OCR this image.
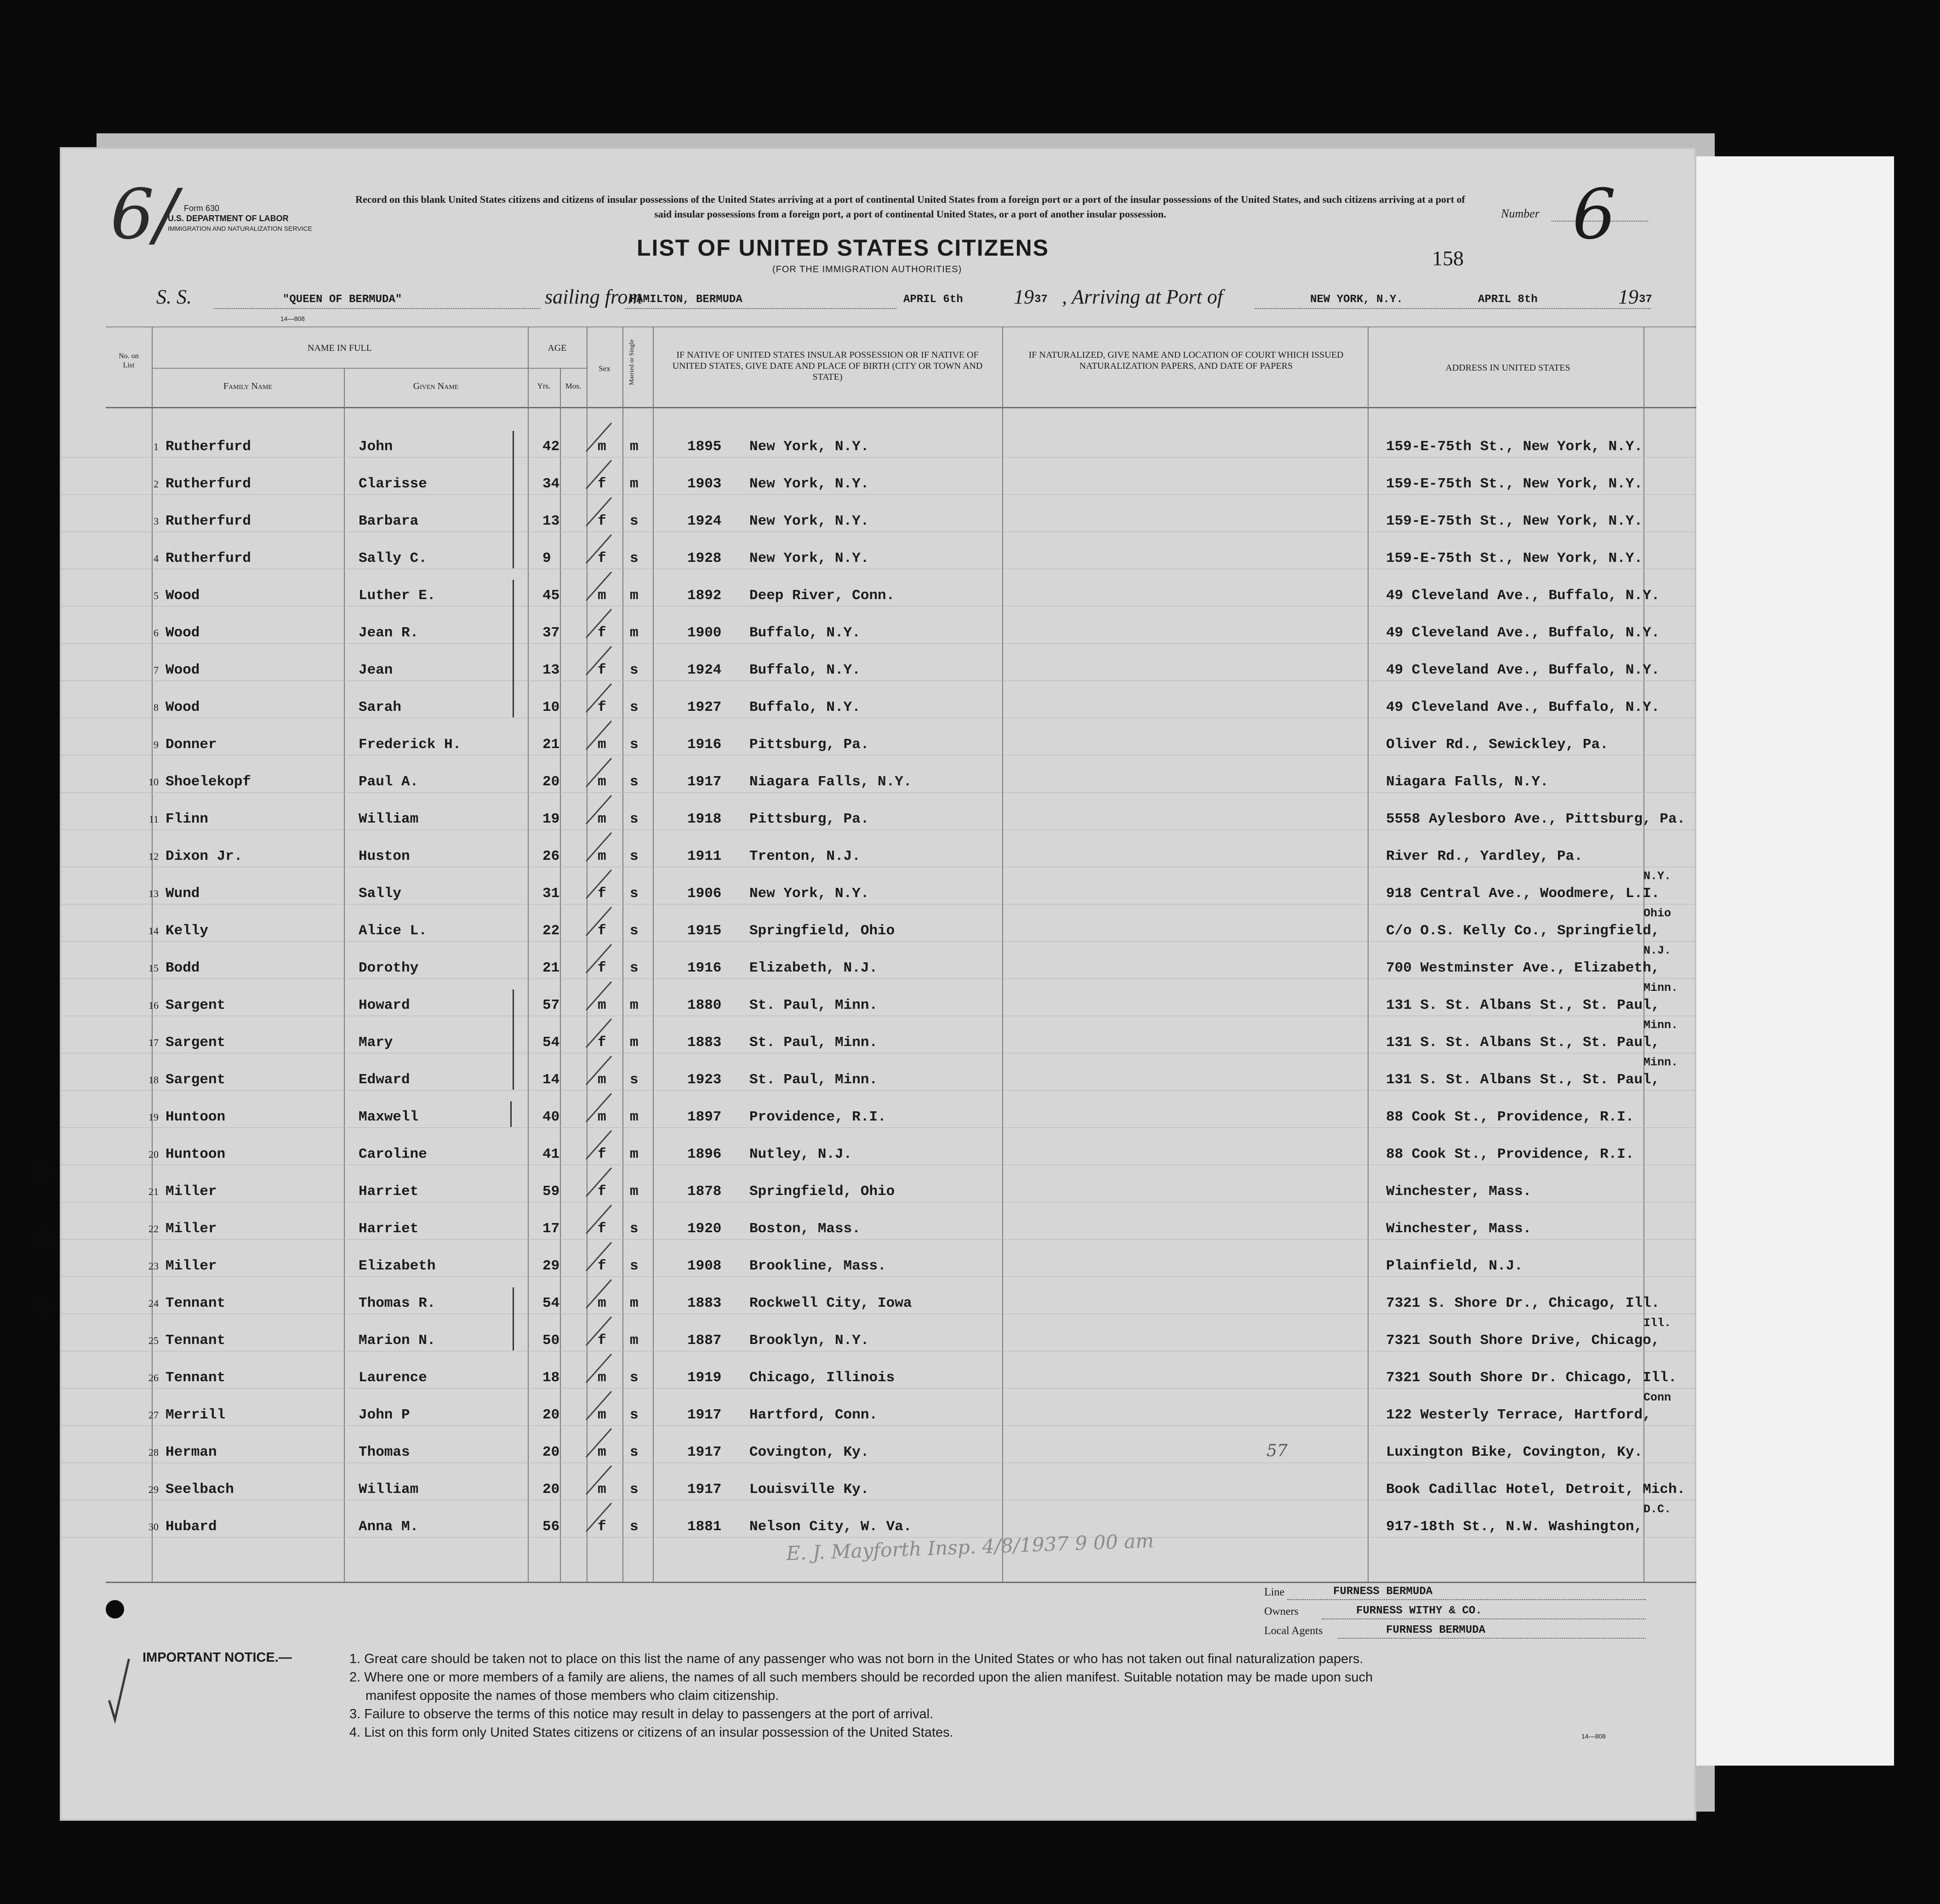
6/ Form 630
U.S. DEPARTMENT OF LABOR
IMMIGRATION AND NATURALIZATION SERVICE
Record on this blank United States citizens and citizens of insular possessions of the United States arriving at a port of continental United States from a foreign port or a port of the insular possessions of the United States, and such citizens arriving at a port of said insular possessions from a foreign port, a port of continental United States, or a port of another insular possession.	Number 6
LIST OF UNITED STATES CITIZENS
(FOR THE IMMIGRATION AUTHORITIES)	158
S. S.	"QUEEN OF BERMUDA"	sailing from
HAMILTON, BERMUDA	APRIL 6th	19 37 , Arriving at Port of	NEW YORK, N.Y.	APRIL 8th	19 37
14—808
No. on List
NAME IN FULL
Family Name	Given Name
AGE
Yrs.	Mos.
Sex	Married or Single	IF NATIVE OF UNITED STATES INSULAR POSSESSION OR IF NATIVE OF UNITED STATES, GIVE DATE AND PLACE OF BIRTH (CITY OR TOWN AND STATE)
IF NATURALIZED, GIVE NAME AND LOCATION OF COURT WHICH ISSUED NATURALIZATION PAPERS, AND DATE OF PAPERS	ADDRESS IN UNITED STATES
1 Rutherfurd	John	42	m m	1895 New York, N.Y.	159-E-75th St., New York, N.Y.
2 Rutherfurd	Clarisse	34	f m	1903 New York, N.Y.	159-E-75th St., New York, N.Y.
3 Rutherfurd	Barbara	13	f s	1924 New York, N.Y.	159-E-75th St., New York, N.Y.
4 Rutherfurd	Sally C.	9	f s	1928 New York, N.Y.	159-E-75th St., New York, N.Y.
5 Wood	Luther E.	45	m m	1892 Deep River, Conn.	49 Cleveland Ave., Buffalo, N.Y.
6 Wood	Jean R.	37	f m	1900 Buffalo, N.Y.	49 Cleveland Ave., Buffalo, N.Y.
7 Wood	Jean	13	f s	1924 Buffalo, N.Y.	49 Cleveland Ave., Buffalo, N.Y.
8 Wood	Sarah	10	f s	1927 Buffalo, N.Y.	49 Cleveland Ave., Buffalo, N.Y.
9 Donner	Frederick H.	21	m s	1916 Pittsburg, Pa.	Oliver Rd., Sewickley, Pa.
10 Shoelekopf	Paul A.	20	m s	1917 Niagara Falls, N.Y.	Niagara Falls, N.Y.
11 Flinn	William	19	m s	1918 Pittsburg, Pa.	5558 Aylesboro Ave., Pittsburg, Pa.
12 Dixon Jr.	Huston	26	m s	1911 Trenton, N.J.	River Rd., Yardley, Pa.
13 Wund	Sally	31	f s	1906 New York, N.Y.	918 Central Ave., Woodmere, L.I.
N.Y.
14 Kelly	Alice L.	22	f s	1915 Springfield, Ohio	C/o O.S. Kelly Co., Springfield,
Ohio
15 Bodd	Dorothy	21	f s	1916 Elizabeth, N.J.	700 Westminster Ave., Elizabeth,
N.J.
16 Sargent	Howard	57	m m	1880 St. Paul, Minn.	131 S. St. Albans St., St. Paul,
Minn.
17 Sargent	Mary	54	f m	1883 St. Paul, Minn.	131 S. St. Albans St., St. Paul,
Minn.
18 Sargent	Edward	14	m s	1923 St. Paul, Minn.	131 S. St. Albans St., St. Paul,
Minn.
19 Huntoon	Maxwell	40	m m	1897 Providence, R.I.	88 Cook St., Providence, R.I.
20 Huntoon	Caroline	41	f m	1896 Nutley, N.J.	88 Cook St., Providence, R.I.
21 Miller	Harriet	59	f m	1878 Springfield, Ohio	Winchester, Mass.
22 Miller	Harriet	17	f s	1920 Boston, Mass.	Winchester, Mass.
23 Miller	Elizabeth	29	f s	1908 Brookline, Mass.	Plainfield, N.J.
24 Tennant	Thomas R.	54	m m	1883 Rockwell City, Iowa	7321 S. Shore Dr., Chicago, Ill.
25 Tennant	Marion N.	50	f m	1887 Brooklyn, N.Y.	7321 South Shore Drive, Chicago,
Ill.
26 Tennant	Laurence	18	m s	1919 Chicago, Illinois	7321 South Shore Dr. Chicago, Ill.
27 Merrill	John P	20	m s	1917 Hartford, Conn.	122 Westerly Terrace, Hartford,
Conn
28 Herman	Thomas	20	m s	1917 Covington, Ky.	Luxington Bike, Covington, Ky.
29 Seelbach	William	20	m s	1917 Louisville Ky.	Book Cadillac Hotel, Detroit, Mich.
30 Hubard	Anna M.	56	f s	1881 Nelson City, W. Va.	917-18th St., N.W. Washington,
D.C.
57
E. J. Mayforth Insp. 4/8/1937 9 00 am
Line	FURNESS BERMUDA
Owners	FURNESS WITHY & CO.
Local Agents	FURNESS BERMUDA
IMPORTANT NOTICE.—	1. Great care should be taken not to place on this list the name of any passenger who was not born in the United States or who has not taken out final naturalization papers.
2. Where one or more members of a family are aliens, the names of all such members should be recorded upon the alien manifest. Suitable notation may be made upon such
manifest opposite the names of those members who claim citizenship.
3. Failure to observe the terms of this notice may result in delay to passengers at the port of arrival.
4. List on this form only United States citizens or citizens of an insular possession of the United States.	14—808
